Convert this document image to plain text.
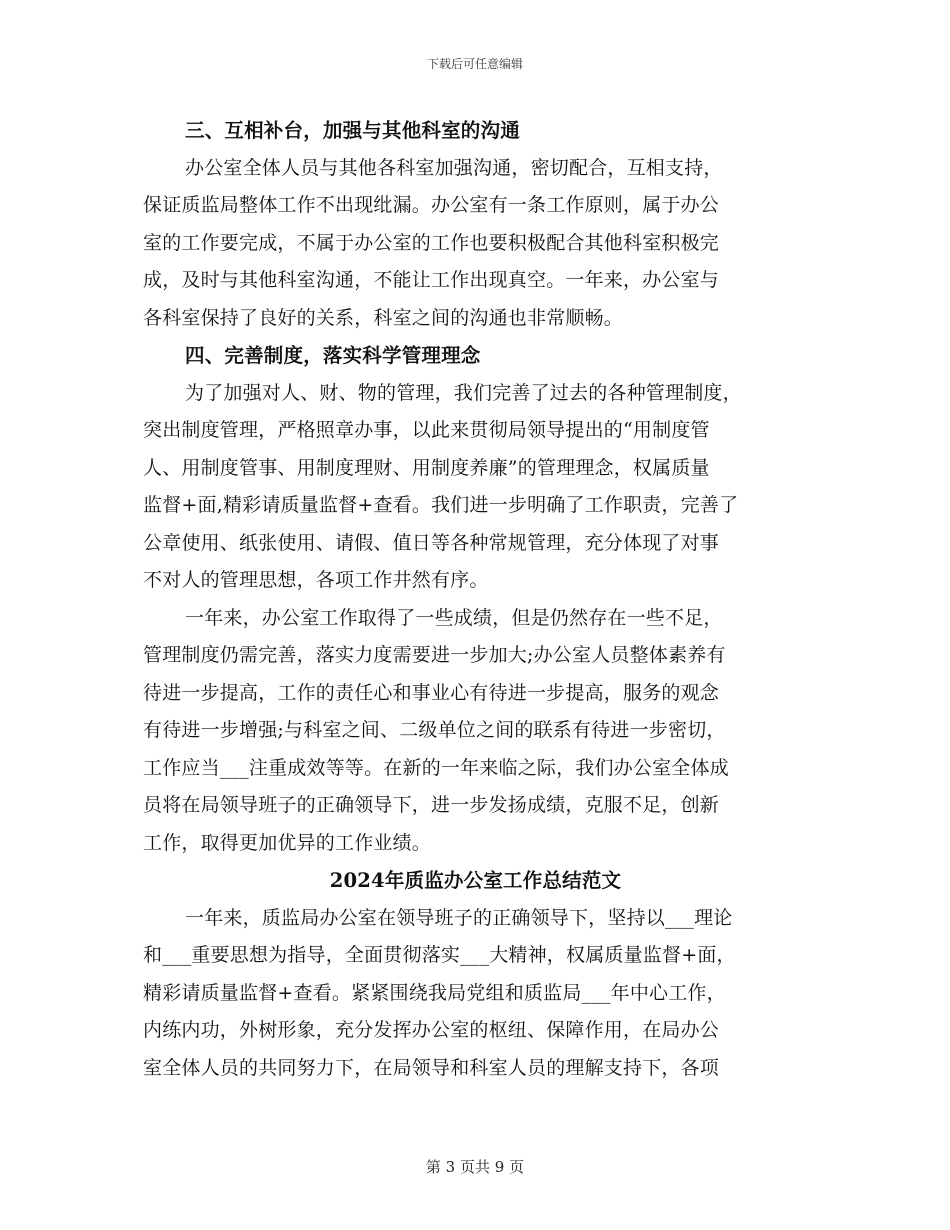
下载后可任意编辑
三、互相补台，加强与其他科室的沟通
办公室全体人员与其他各科室加强沟通，密切配合，互相支持，
保证质监局整体工作不出现纰漏。办公室有一条工作原则，属于办公
室的工作要完成，不属于办公室的工作也要积极配合其他科室积极完
成，及时与其他科室沟通，不能让工作出现真空。一年来，办公室与
各科室保持了良好的关系，科室之间的沟通也非常顺畅。
四、完善制度，落实科学管理理念
为了加强对人、财、物的管理，我们完善了过去的各种管理制度，
突出制度管理，严格照章办事，以此来贯彻局领导提出的“用制度管
人、用制度管事、用制度理财、用制度养廉”的管理理念，权属质量
监督+面,精彩请质量监督+查看。我们进一步明确了工作职责，完善了
公章使用、纸张使用、请假、值日等各种常规管理，充分体现了对事
不对人的管理思想，各项工作井然有序。
一年来，办公室工作取得了一些成绩，但是仍然存在一些不足，
管理制度仍需完善，落实力度需要进一步加大;办公室人员整体素养有
待进一步提高，工作的责任心和事业心有待进一步提高，服务的观念
有待进一步增强;与科室之间、二级单位之间的联系有待进一步密切，
工作应当___注重成效等等。在新的一年来临之际，我们办公室全体成
员将在局领导班子的正确领导下，进一步发扬成绩，克服不足，创新
工作，取得更加优异的工作业绩。
2024年质监办公室工作总结范文
一年来，质监局办公室在领导班子的正确领导下，坚持以___理论
和___重要思想为指导，全面贯彻落实___大精神，权属质量监督+面，
精彩请质量监督+查看。紧紧围绕我局党组和质监局___年中心工作，
内练内功，外树形象，充分发挥办公室的枢纽、保障作用，在局办公
室全体人员的共同努力下，在局领导和科室人员的理解支持下，各项
第 3 页共 9 页
